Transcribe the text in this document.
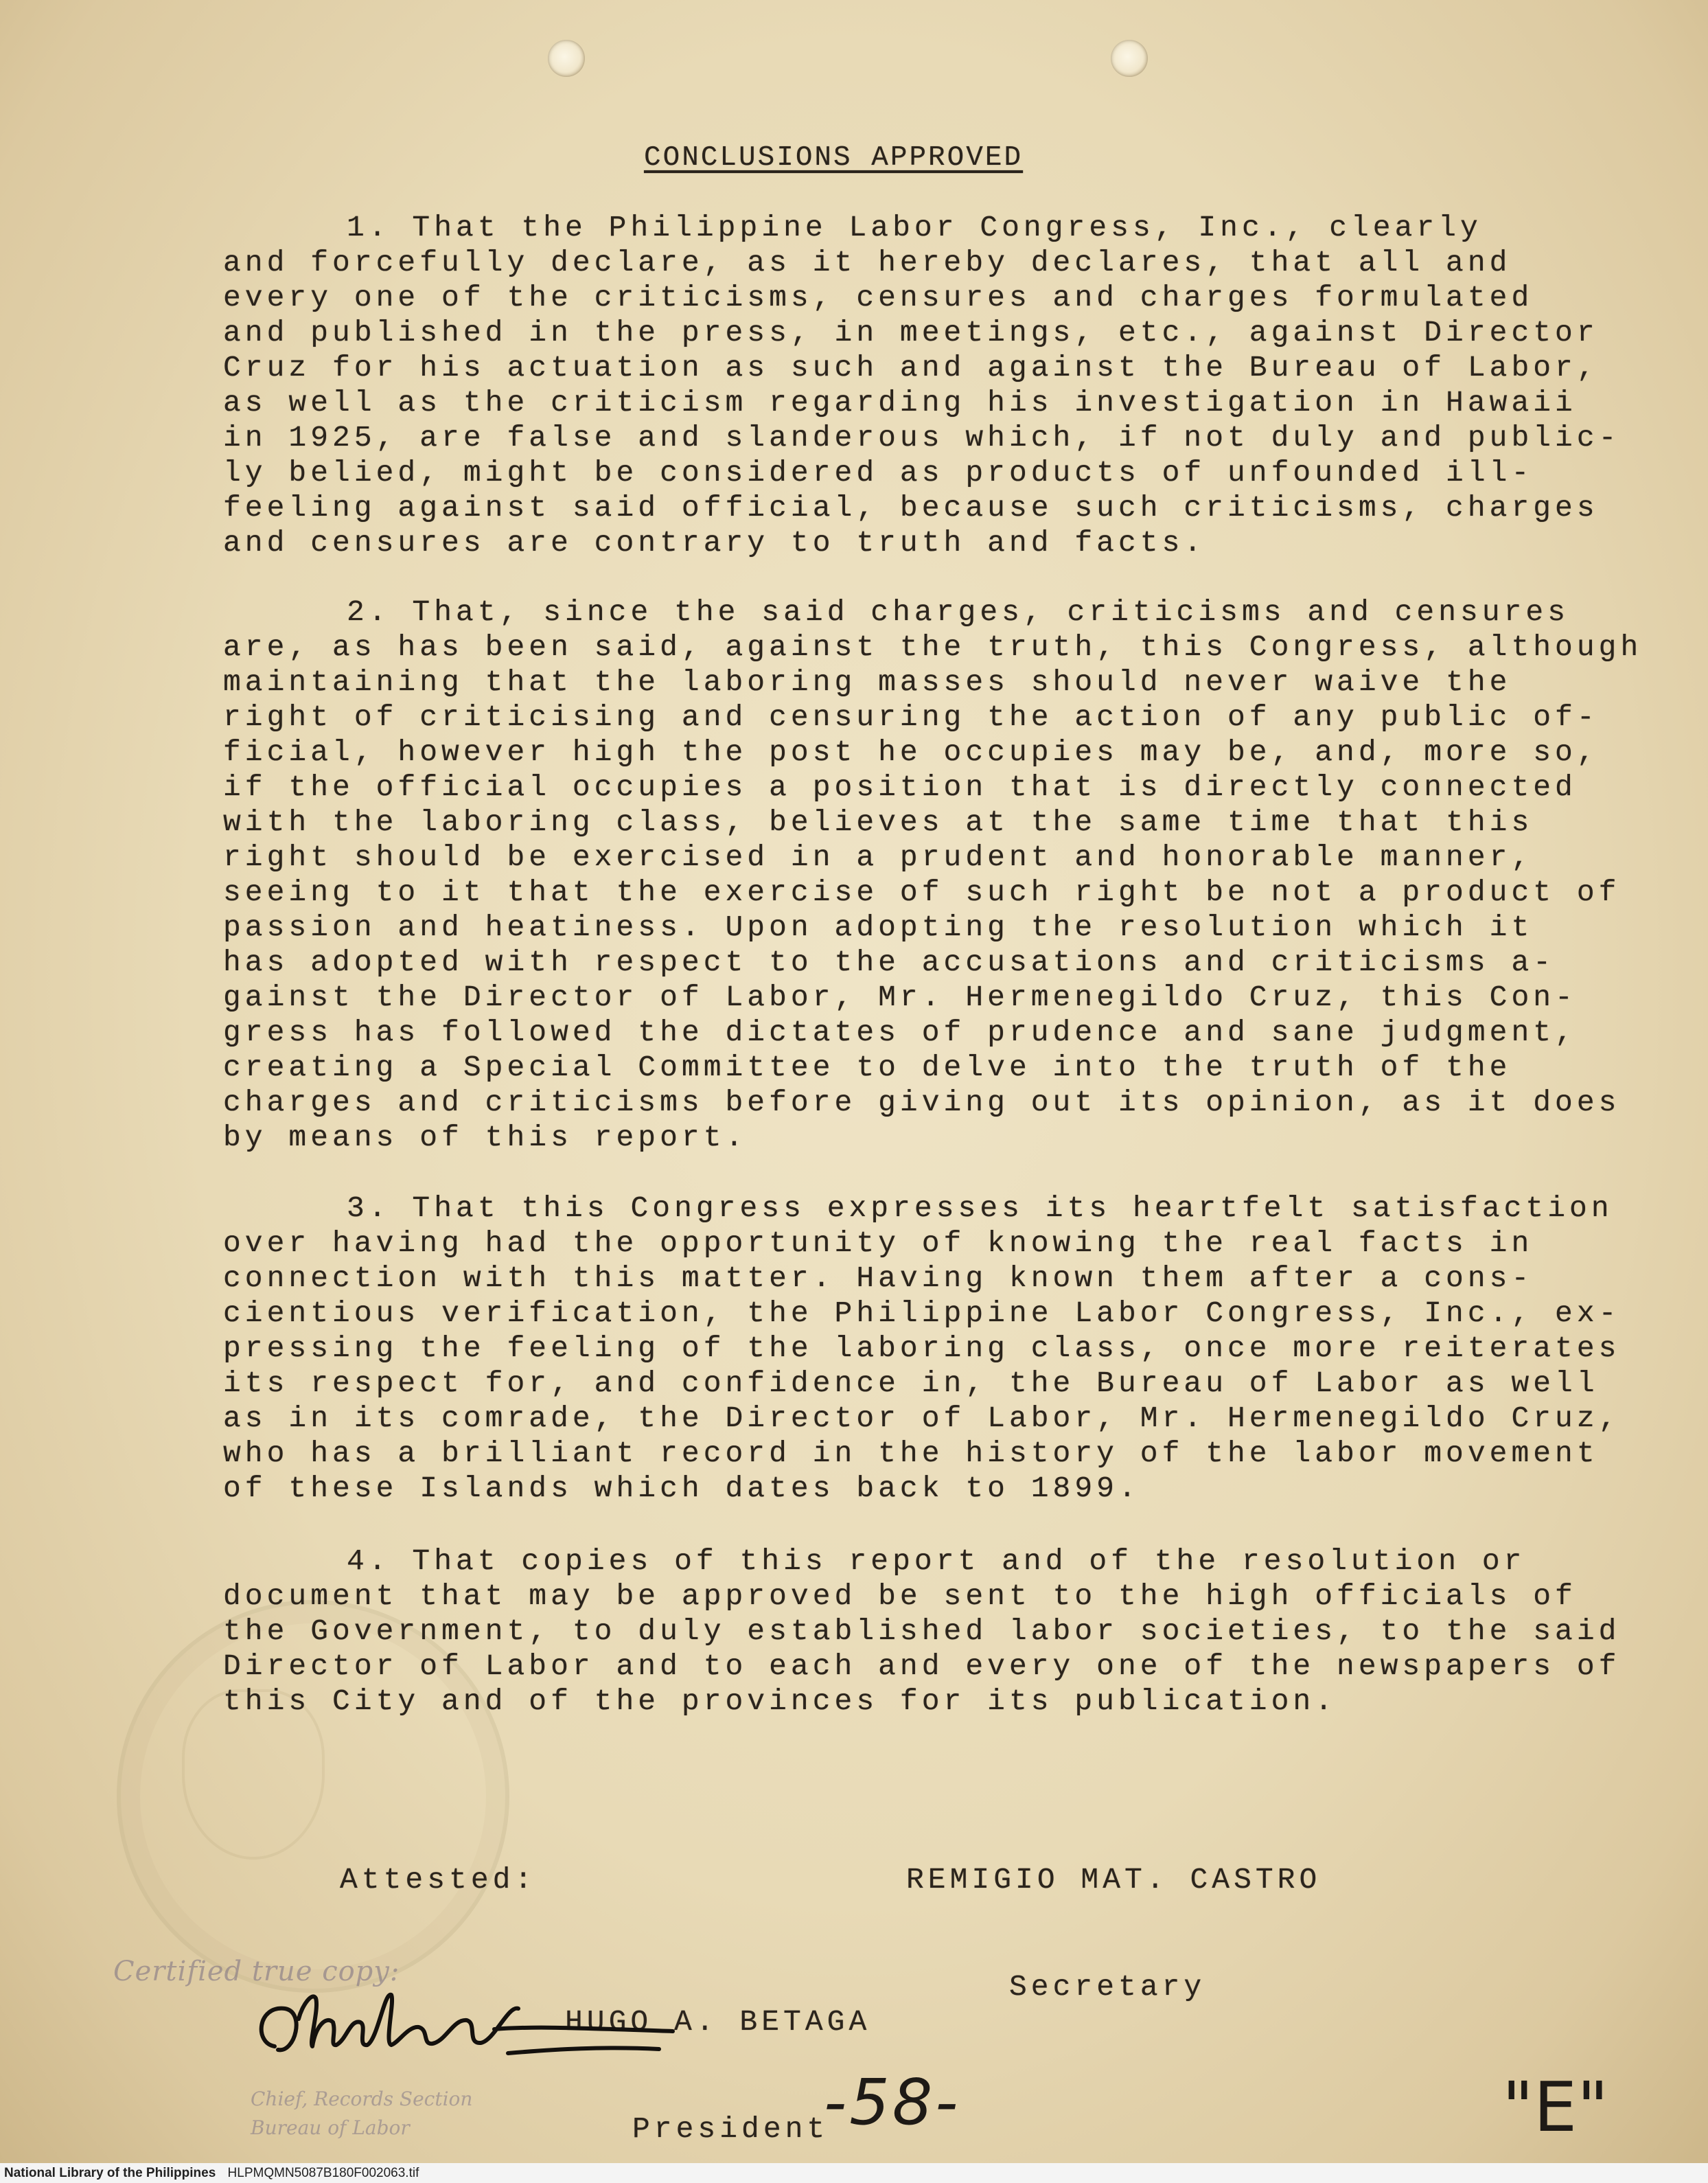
CONCLUSIONS APPROVED
1. That the Philippine Labor Congress, Inc., clearly
and forcefully declare, as it hereby declares, that all and
every one of the criticisms, censures and charges formulated
and published in the press, in meetings, etc., against Director
Cruz for his actuation as such and against the Bureau of Labor,
as well as the criticism regarding his investigation in Hawaii
in 1925, are false and slanderous which, if not duly and public-
ly belied, might be considered as products of unfounded ill-
feeling against said official, because such criticisms, charges
and censures are contrary to truth and facts.
2. That, since the said charges, criticisms and censures
are, as has been said, against the truth, this Congress, although
maintaining that the laboring masses should never waive the
right of criticising and censuring the action of any public of-
ficial, however high the post he occupies may be, and, more so,
if the official occupies a position that is directly connected
with the laboring class, believes at the same time that this
right should be exercised in a prudent and honorable manner,
seeing to it that the exercise of such right be not a product of
passion and heatiness. Upon adopting the resolution which it
has adopted with respect to the accusations and criticisms a-
gainst the Director of Labor, Mr. Hermenegildo Cruz, this Con-
gress has followed the dictates of prudence and sane judgment,
creating a Special Committee to delve into the truth of the
charges and criticisms before giving out its opinion, as it does
by means of this report.
3. That this Congress expresses its heartfelt satisfaction
over having had the opportunity of knowing the real facts in
connection with this matter. Having known them after a cons-
cientious verification, the Philippine Labor Congress, Inc., ex-
pressing the feeling of the laboring class, once more reiterates
its respect for, and confidence in, the Bureau of Labor as well
as in its comrade, the Director of Labor, Mr. Hermenegildo Cruz,
who has a brilliant record in the history of the labor movement
of these Islands which dates back to 1899.
4. That copies of this report and of the resolution or
document that may be approved be sent to the high officials of
the Government, to duly established labor societies, to the said
Director of Labor and to each and every one of the newspapers of
this City and of the provinces for its publication.

REMIGIO MAT. CASTRO

Secretary

Attested:

HUGO A. BETAGA

President

Certified true copy:
Chief, Records Section
Bureau of Labor	-58-	"E"
National Library of the Philippines HLPMQMN5087B180F002063.tif
